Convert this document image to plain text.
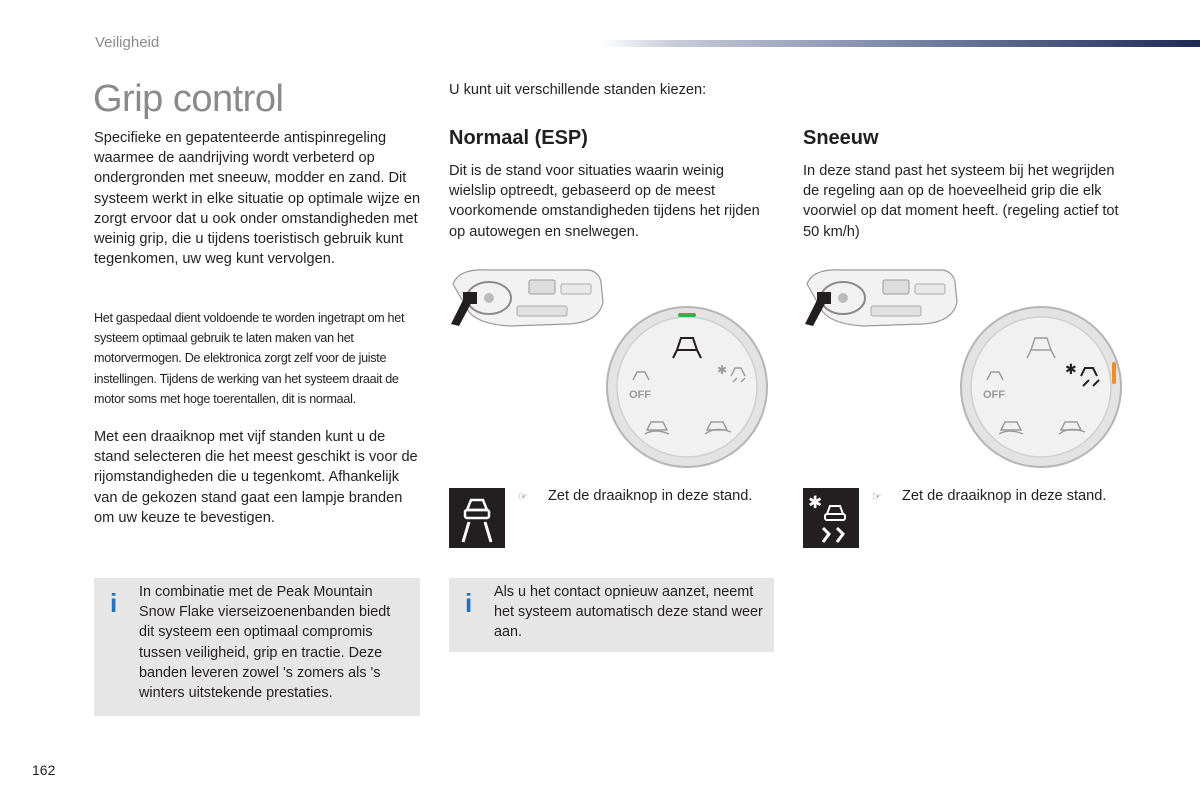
Veiligheid
Grip control
Specifieke en gepatenteerde antispinregeling waarmee de aandrijving wordt verbeterd op ondergronden met sneeuw, modder en zand. Dit systeem werkt in elke situatie op optimale wijze en zorgt ervoor dat u ook onder omstandigheden met weinig grip, die u tijdens toeristisch gebruik kunt tegenkomen, uw weg kunt vervolgen.
Het gaspedaal dient voldoende te worden ingetrapt om het systeem optimaal gebruik te laten maken van het motorvermogen. De elektronica zorgt zelf voor de juiste instellingen. Tijdens de werking van het systeem draait de motor soms met hoge toerentallen, dit is normaal.
Met een draaiknop met vijf standen kunt u de stand selecteren die het meest geschikt is voor de rijomstandigheden die u tegenkomt. Afhankelijk van de gekozen stand gaat een lampje branden om uw keuze te bevestigen.
i In combinatie met de Peak Mountain Snow Flake vierseizoenenbanden biedt dit systeem een optimaal compromis tussen veiligheid, grip en tractie. Deze banden leveren zowel 's zomers als 's winters uitstekende prestaties.
U kunt uit verschillende standen kiezen:
Normaal (ESP)
Dit is de stand voor situaties waarin weinig wielslip optreedt, gebaseerd op de meest voorkomende omstandigheden tijdens het rijden op autowegen en snelwegen.
Sneeuw
In deze stand past het systeem bij het wegrijden de regeling aan op de hoeveelheid grip die elk voorwiel op dat moment heeft. (regeling actief tot 50 km/h)
✱
OFF
✱
OFF
☞ Zet de draaiknop in deze stand.	✱	☞ Zet de draaiknop in deze stand.
i Als u het contact opnieuw aanzet, neemt het systeem automatisch deze stand weer aan.
162
